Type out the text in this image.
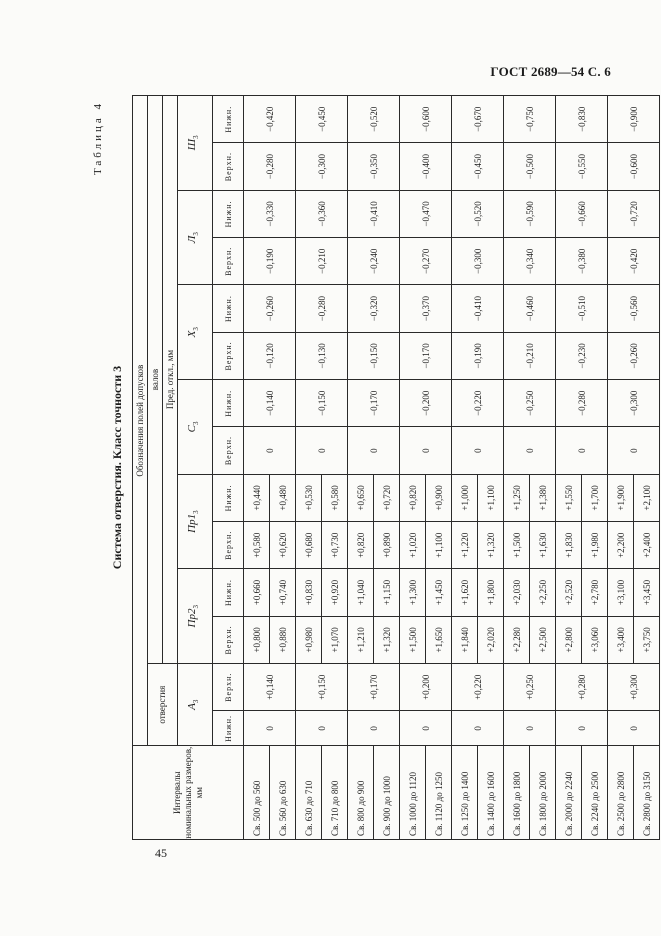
ГОСТ 2689—54 С. 6
45
Таблица 4
Система отверстия. Класс точности 3
Интервалы номинальных размеров, мм	Обозначения полей допусков													
	отверстия		валов											
			Пред. откл., мм											
	$A_3$		$Пр2_3$		$Пр1_3$		$С_3$		$Х_3$		$Л_3$		$Ш_3$
	Нижн.	Верхн.	Верхн.	Нижн.	Верхн.	Нижн.	Верхн.	Нижн.	Верхн.	Нижн.	Верхн.	Нижн.	Верхн.	Нижн.
Св. 500 до 560	0	+0,140	+0,800	+0,660	+0,580	+0,440	0	−0,140	−0,120	−0,260	−0,190	−0,330	−0,280	−0,420
Св. 560 до 630			+0,880	+0,740	+0,620	+0,480								
Св. 630 до 710	0	+0,150	+0,980	+0,830	+0,680	+0,530	0	−0,150	−0,130	−0,280	−0,210	−0,360	−0,300	−0,450
Св. 710 до 800			+1,070	+0,920	+0,730	+0,580								
Св. 800 до 900	0	+0,170	+1,210	+1,040	+0,820	+0,650	0	−0,170	−0,150	−0,320	−0,240	−0,410	−0,350	−0,520
Св. 900 до 1000			+1,320	+1,150	+0,890	+0,720								
Св. 1000 до 1120	0	+0,200	+1,500	+1,300	+1,020	+0,820	0	−0,200	−0,170	−0,370	−0,270	−0,470	−0,400	−0,600
Св. 1120 до 1250			+1,650	+1,450	+1,100	+0,900								
Св. 1250 до 1400	0	+0,220	+1,840	+1,620	+1,220	+1,000	0	−0,220	−0,190	−0,410	−0,300	−0,520	−0,450	−0,670
Св. 1400 до 1600			+2,020	+1,800	+1,320	+1,100								
Св. 1600 до 1800	0	+0,250	+2,280	+2,030	+1,500	+1,250	0	−0,250	−0,210	−0,460	−0,340	−0,590	−0,500	−0,750
Св. 1800 до 2000			+2,500	+2,250	+1,630	+1,380								
Св. 2000 до 2240	0	+0,280	+2,800	+2,520	+1,830	+1,550	0	−0,280	−0,230	−0,510	−0,380	−0,660	−0,550	−0,830
Св. 2240 до 2500			+3,060	+2,780	+1,980	+1,700								
Св. 2500 до 2800	0	+0,300	+3,400	+3,100	+2,200	+1,900	0	−0,300	−0,260	−0,560	−0,420	−0,720	−0,600	−0,900
Св. 2800 до 3150			+3,750	+3,450	+2,400	+2,100								
